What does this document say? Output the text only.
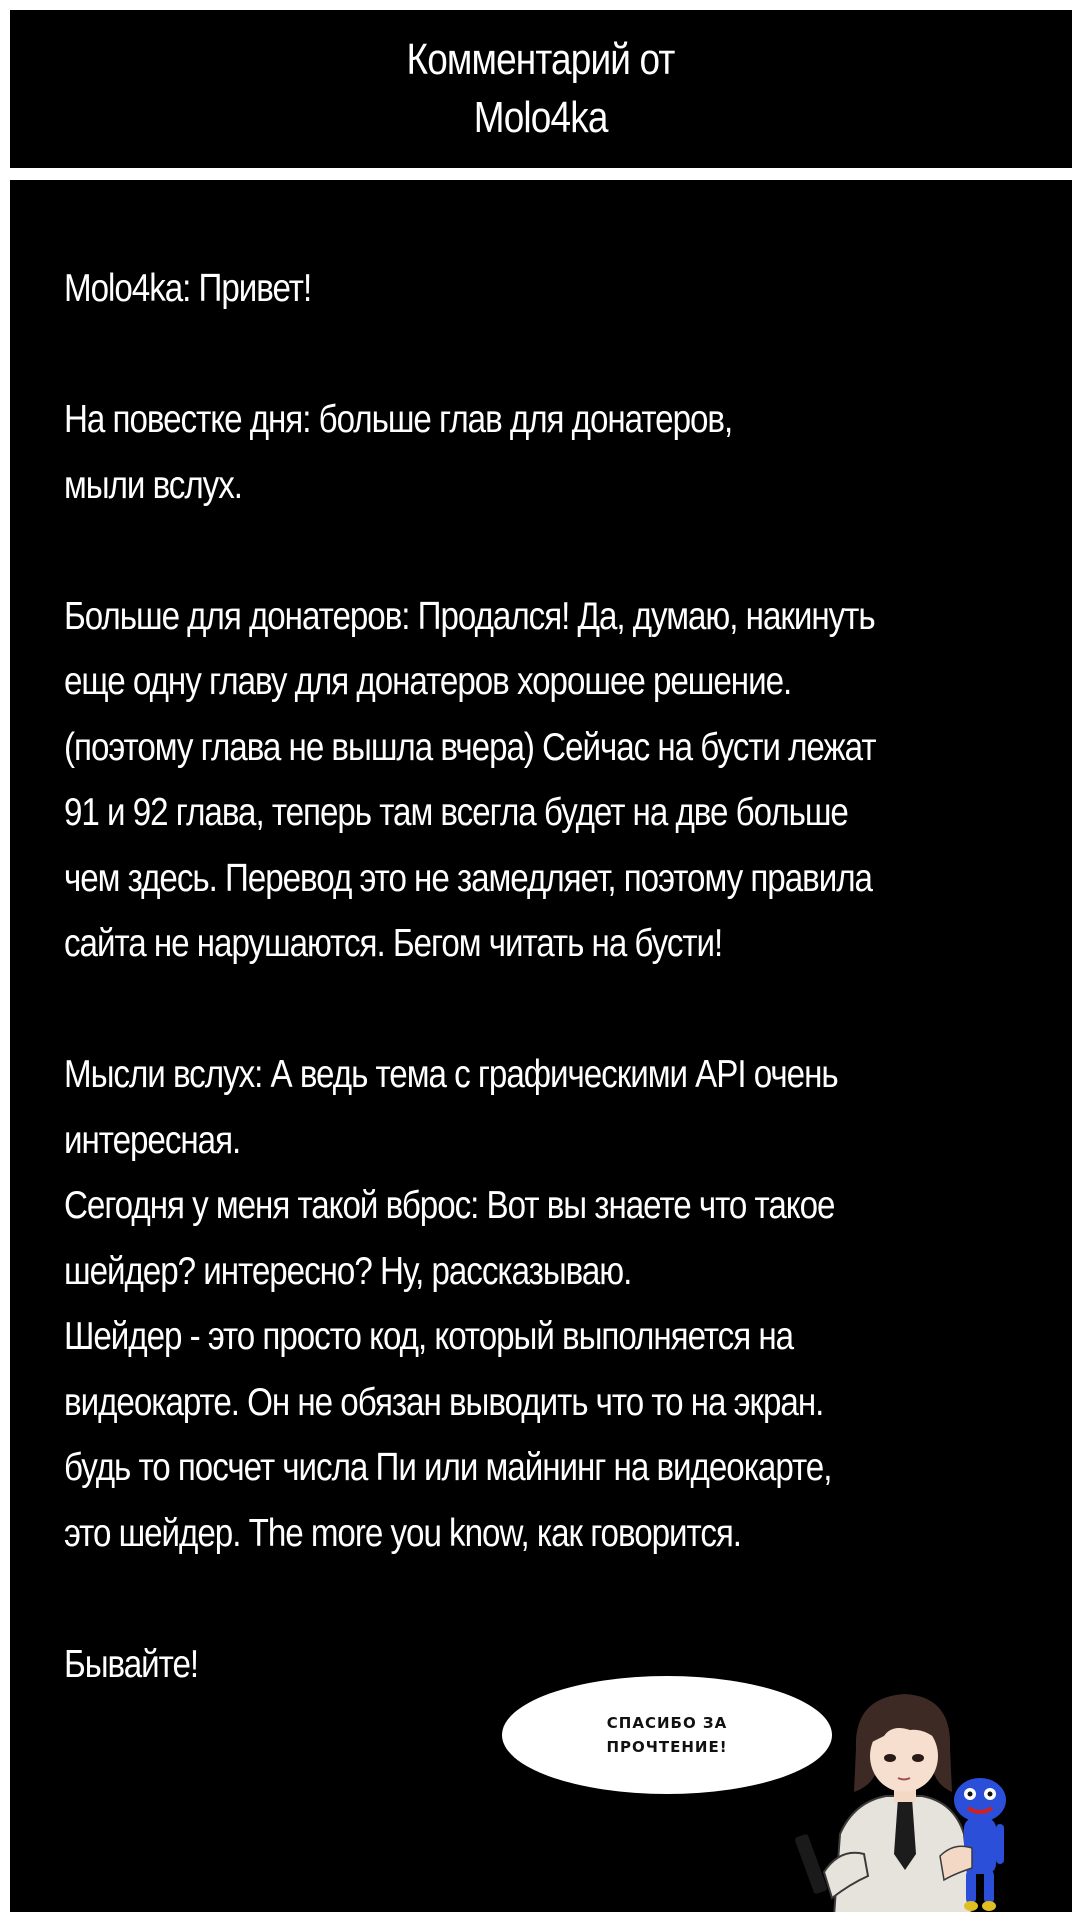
Комментарий от
Molo4ka

Molo4ka: Привет!

На повестке дня: больше глав для донатеров,
мыли вслух.

Больше для донатеров: Продался! Да, думаю, накинуть
еще одну главу для донатеров хорошее решение.
(поэтому глава не вышла вчера) Сейчас на бусти лежат
91 и 92 глава, теперь там всегла будет на две больше
чем здесь. Перевод это не замедляет, поэтому правила
сайта не нарушаются. Бегом читать на бусти!

Мысли вслух: А ведь тема с графическими API очень
интересная.
Сегодня у меня такой вброс: Вот вы знаете что такое
шейдер? интересно? Ну, рассказываю.
Шейдер - это просто код, который выполняется на
видеокарте. Он не обязан выводить что то на экран.
будь то посчет числа Пи или майнинг на видеокарте,
это шейдер. The more you know, как говорится.

Бывайте!

СПАСИБО ЗА
ПРОЧТЕНИЕ!
